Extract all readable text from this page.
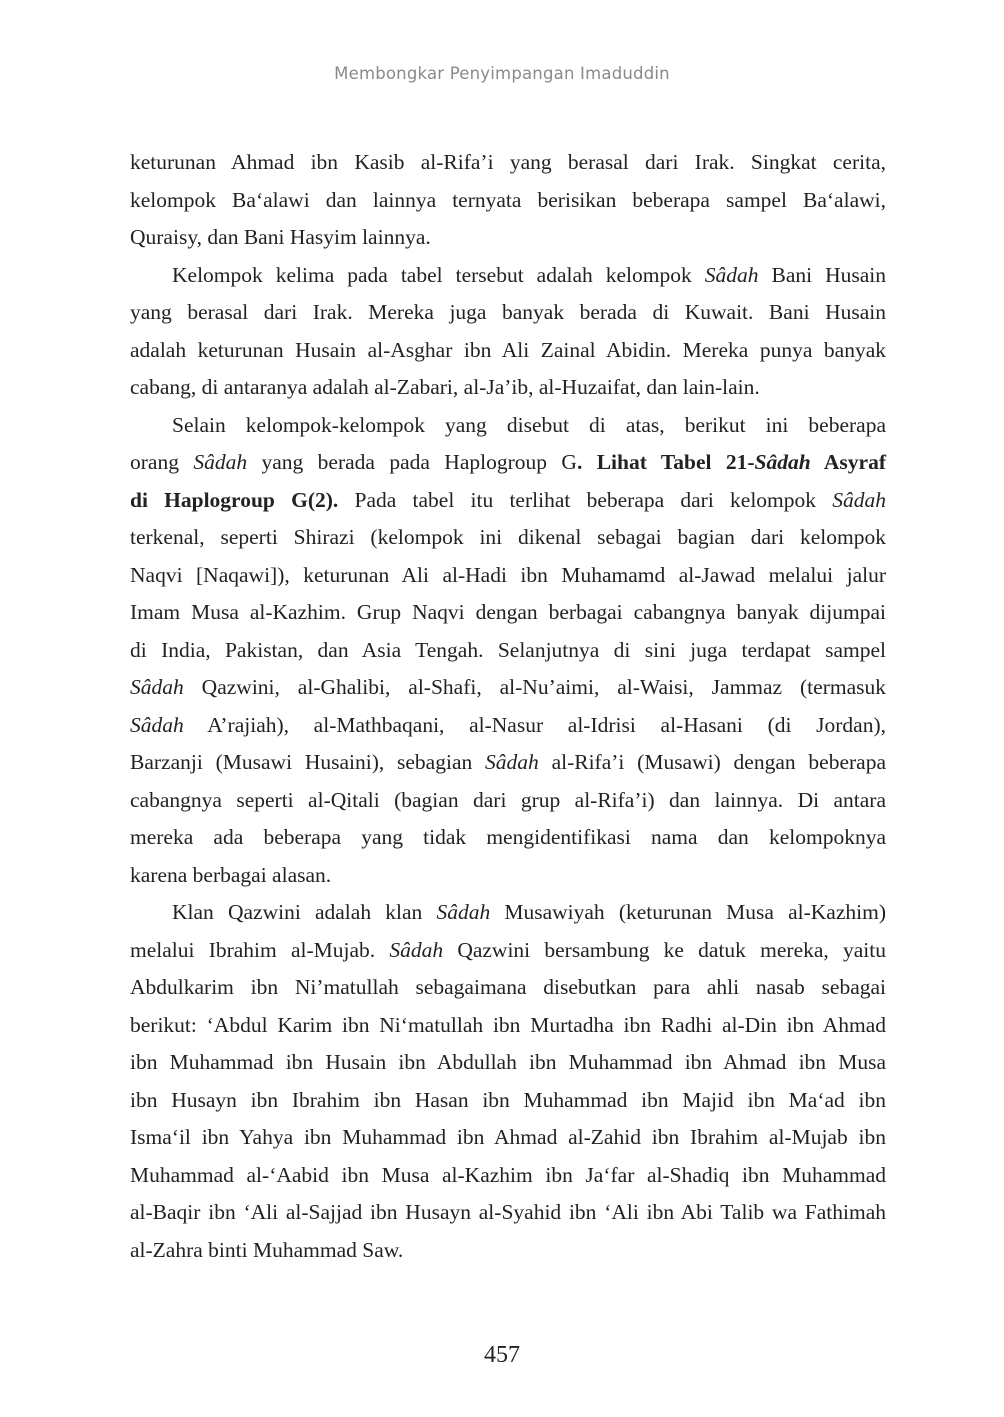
Membongkar Penyimpangan Imaduddin
keturunan Ahmad ibn Kasib al-Rifa’i yang berasal dari Irak. Singkat cerita,
kelompok Ba‘alawi dan lainnya ternyata berisikan beberapa sampel Ba‘alawi,
Quraisy, dan Bani Hasyim lainnya.
Kelompok kelima pada tabel tersebut adalah kelompok Sâdah Bani Husain
yang berasal dari Irak. Mereka juga banyak berada di Kuwait. Bani Husain
adalah keturunan Husain al-Asghar ibn Ali Zainal Abidin. Mereka punya banyak
cabang, di antaranya adalah al-Zabari, al-Ja’ib, al-Huzaifat, dan lain-lain.
Selain kelompok-kelompok yang disebut di atas, berikut ini beberapa
orang Sâdah yang berada pada Haplogroup G. Lihat Tabel 21-Sâdah Asyraf
di Haplogroup G(2). Pada tabel itu terlihat beberapa dari kelompok Sâdah
terkenal, seperti Shirazi (kelompok ini dikenal sebagai bagian dari kelompok
Naqvi [Naqawi]), keturunan Ali al-Hadi ibn Muhamamd al-Jawad melalui jalur
Imam Musa al-Kazhim. Grup Naqvi dengan berbagai cabangnya banyak dijumpai
di India, Pakistan, dan Asia Tengah. Selanjutnya di sini juga terdapat sampel
Sâdah Qazwini, al-Ghalibi, al-Shafi, al-Nu’aimi, al-Waisi, Jammaz (termasuk
Sâdah A’rajiah), al-Mathbaqani, al-Nasur al-Idrisi al-Hasani (di Jordan),
Barzanji (Musawi Husaini), sebagian Sâdah al-Rifa’i (Musawi) dengan beberapa
cabangnya seperti al-Qitali (bagian dari grup al-Rifa’i) dan lainnya. Di antara
mereka ada beberapa yang tidak mengidentifikasi nama dan kelompoknya
karena berbagai alasan.
Klan Qazwini adalah klan Sâdah Musawiyah (keturunan Musa al-Kazhim)
melalui Ibrahim al-Mujab. Sâdah Qazwini bersambung ke datuk mereka, yaitu
Abdulkarim ibn Ni’matullah sebagaimana disebutkan para ahli nasab sebagai
berikut: ‘Abdul Karim ibn Ni‘matullah ibn Murtadha ibn Radhi al-Din ibn Ahmad
ibn Muhammad ibn Husain ibn Abdullah ibn Muhammad ibn Ahmad ibn Musa
ibn Husayn ibn Ibrahim ibn Hasan ibn Muhammad ibn Majid ibn Ma‘ad ibn
Isma‘il ibn Yahya ibn Muhammad ibn Ahmad al-Zahid ibn Ibrahim al-Mujab ibn
Muhammad al-‘Aabid ibn Musa al-Kazhim ibn Ja‘far al-Shadiq ibn Muhammad
al-Baqir ibn ‘Ali al-Sajjad ibn Husayn al-Syahid ibn ‘Ali ibn Abi Talib wa Fathimah
al-Zahra binti Muhammad Saw.
457
